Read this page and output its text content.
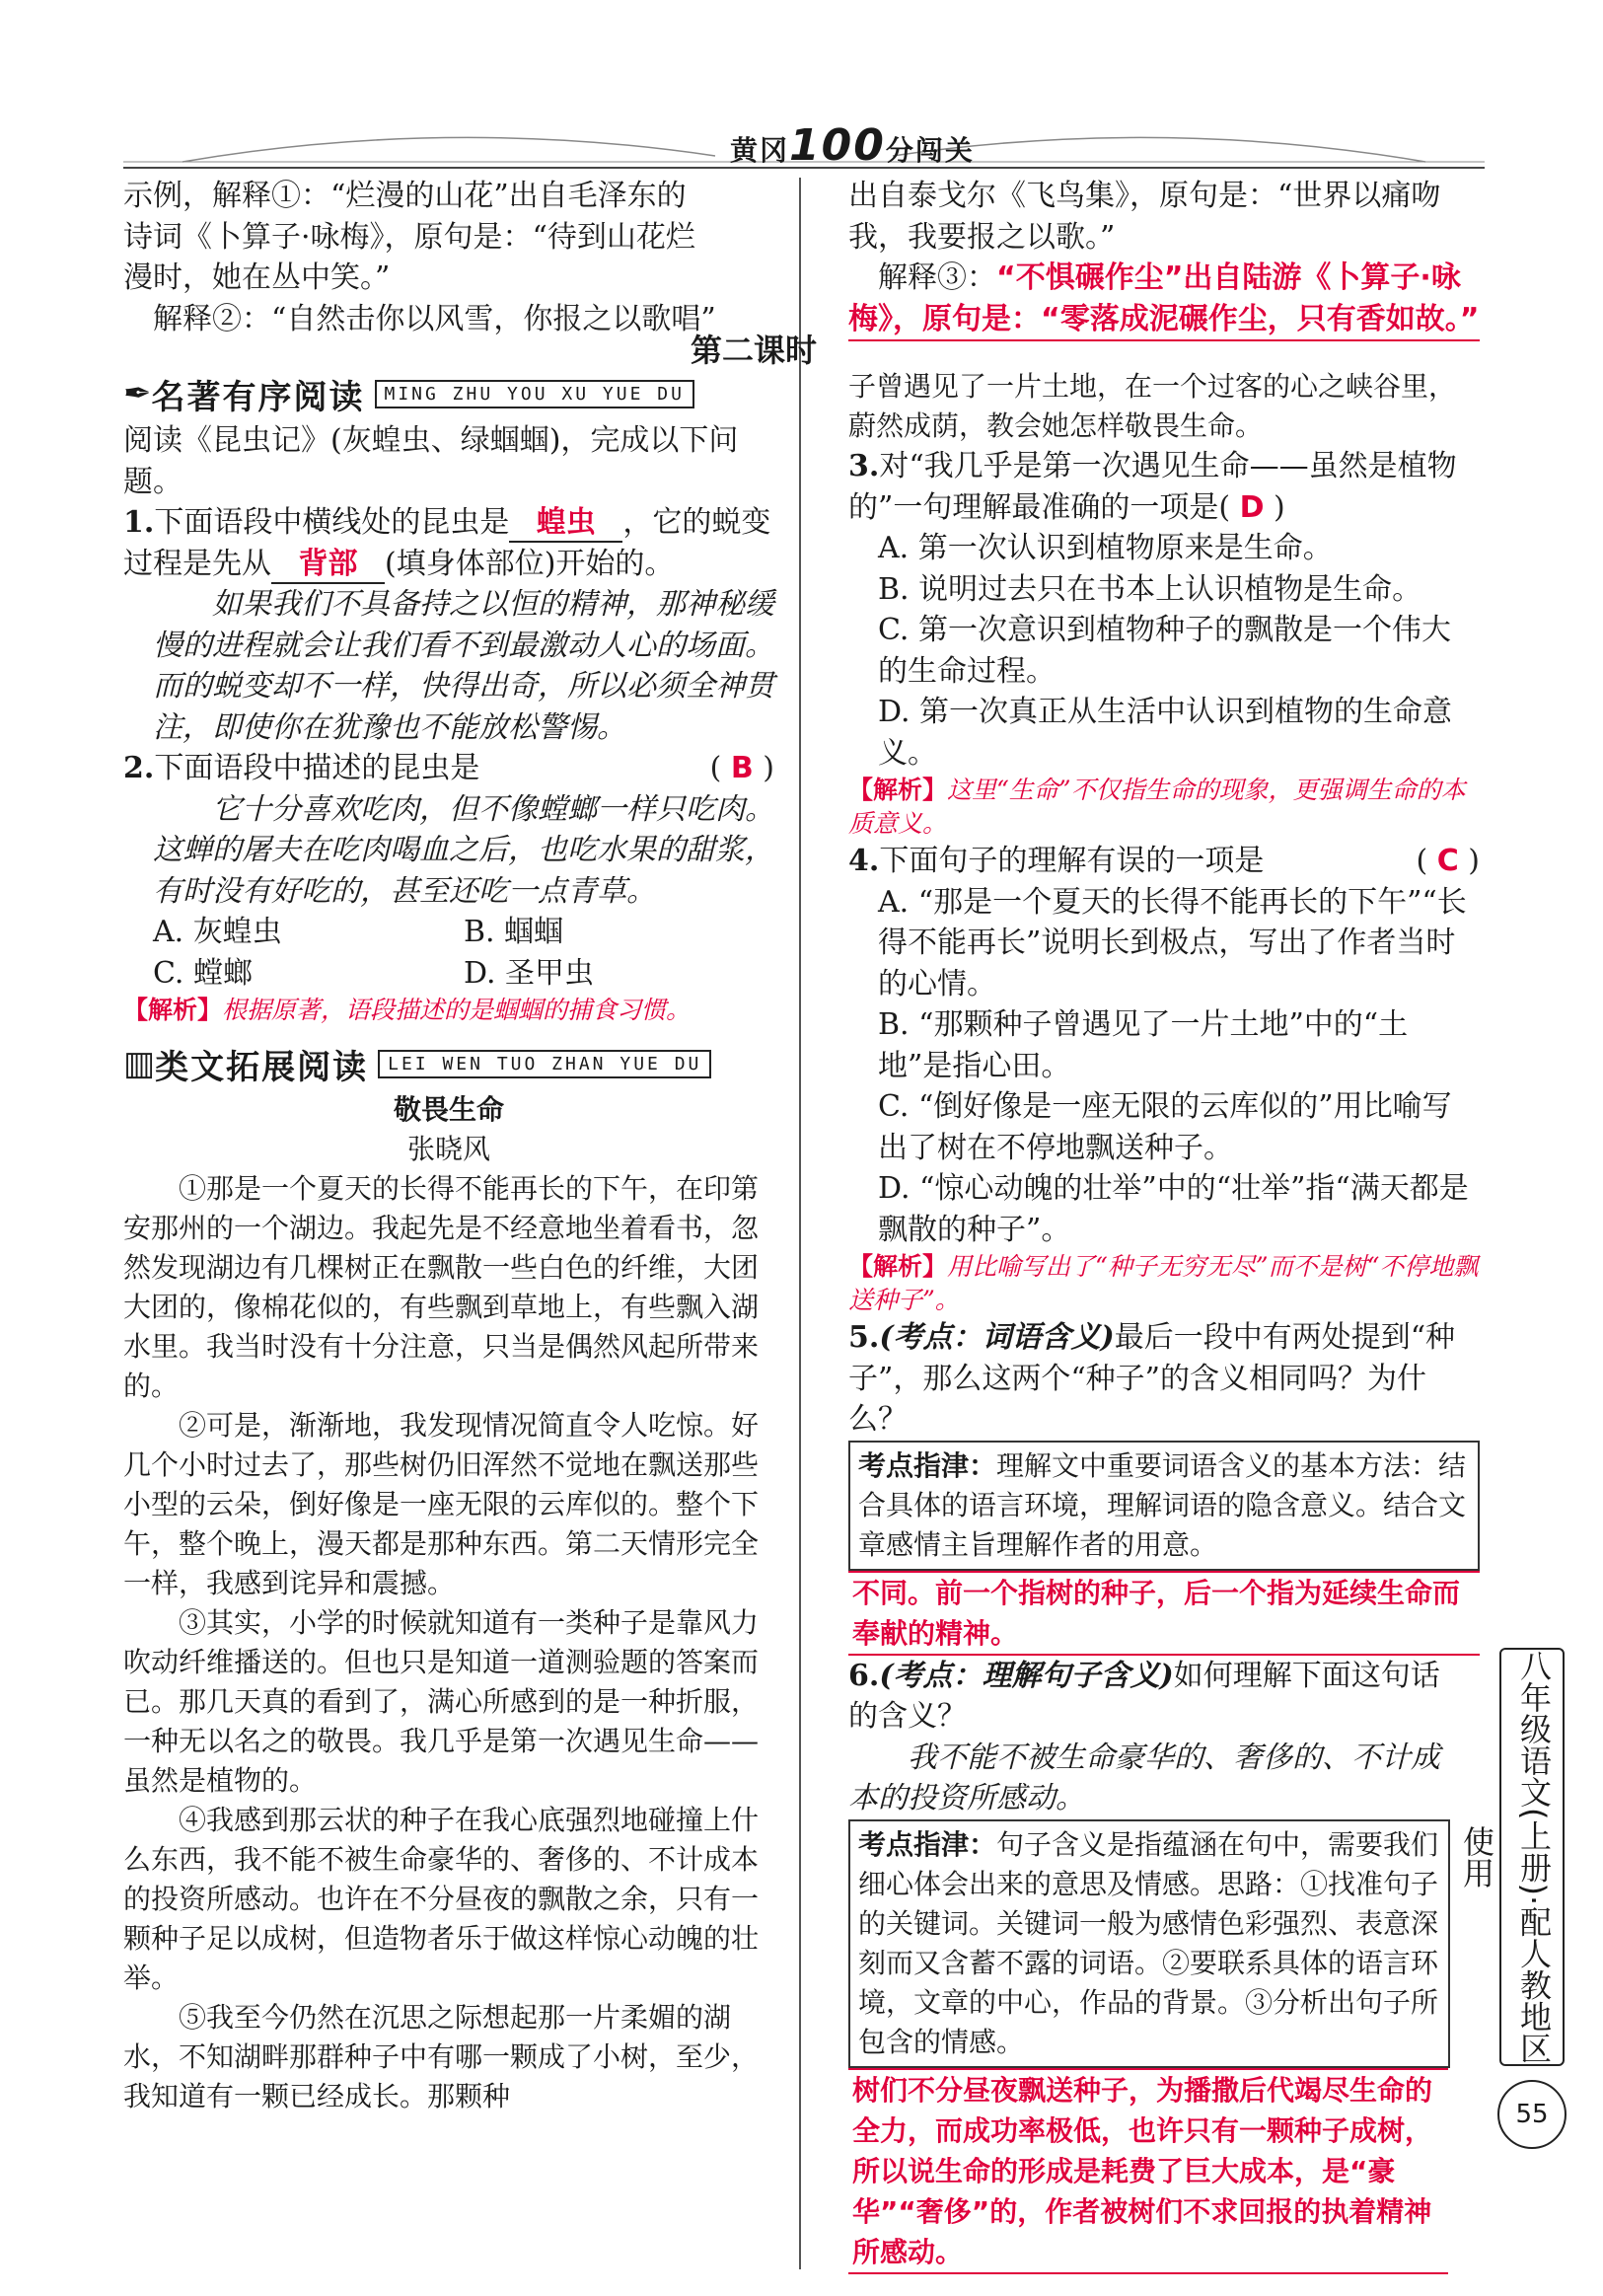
黄冈100分闯关

示例，解释①：“烂漫的山花”出自毛泽东的

诗词《卜算子·咏梅》，原句是：“待到山花烂

漫时，她在丛中笑。”

解释②：“自然击你以风雪，你报之以歌唱”

出自泰戈尔《飞鸟集》，原句是：“世界以痛吻

我，我要报之以歌。”

解释③：“不惧碾作尘”出自陆游《卜算子·咏梅》，原句是：“零落成泥碾作尘，只有香如故。”

第二课时
✒ 名著有序阅读	MING ZHU YOU XU YUE DU

阅读《昆虫记》(灰蝗虫、绿蝈蝈)，完成以下问题。

1.下面语段中横线处的昆虫是 蝗虫 ，它的蜕变过程是先从 背部 (填身体部位)开始的。

如果我们不具备持之以恒的精神，那神秘缓慢的进程就会让我们看不到最激动人心的场面。而的蜕变却不一样，快得出奇，所以必须全神贯注，即使你在犹豫也不能放松警惕。

2.下面语段中描述的昆虫是	( B )

它十分喜欢吃肉，但不像螳螂一样只吃肉。这蝉的屠夫在吃肉喝血之后，也吃水果的甜浆，有时没有好吃的，甚至还吃一点青草。

A. 灰蝗虫	B. 蝈蝈
C. 螳螂	D. 圣甲虫

【解析】根据原著，语段描述的是蝈蝈的捕食习惯。

▥ 类文拓展阅读	LEI WEN TUO ZHAN YUE DU

敬畏生命

张晓风

①那是一个夏天的长得不能再长的下午，在印第安那州的一个湖边。我起先是不经意地坐着看书，忽然发现湖边有几棵树正在飘散一些白色的纤维，大团大团的，像棉花似的，有些飘到草地上，有些飘入湖水里。我当时没有十分注意，只当是偶然风起所带来的。

②可是，渐渐地，我发现情况简直令人吃惊。好几个小时过去了，那些树仍旧浑然不觉地在飘送那些小型的云朵，倒好像是一座无限的云库似的。整个下午，整个晚上，漫天都是那种东西。第二天情形完全一样，我感到诧异和震撼。

③其实，小学的时候就知道有一类种子是靠风力吹动纤维播送的。但也只是知道一道测验题的答案而已。那几天真的看到了，满心所感到的是一种折服，一种无以名之的敬畏。我几乎是第一次遇见生命——虽然是植物的。

④我感到那云状的种子在我心底强烈地碰撞上什么东西，我不能不被生命豪华的、奢侈的、不计成本的投资所感动。也许在不分昼夜的飘散之余，只有一颗种子足以成树，但造物者乐于做这样惊心动魄的壮举。

⑤我至今仍然在沉思之际想起那一片柔媚的湖水，不知湖畔那群种子中有哪一颗成了小树，至少，我知道有一颗已经成长。那颗种

子曾遇见了一片土地，在一个过客的心之峡谷里，蔚然成荫，教会她怎样敬畏生命。

3.对“我几乎是第一次遇见生命——虽然是植物的”一句理解最准确的一项是( D )

A. 第一次认识到植物原来是生命。

B. 说明过去只在书本上认识植物是生命。

C. 第一次意识到植物种子的飘散是一个伟大的生命过程。

D. 第一次真正从生活中认识到植物的生命意义。

【解析】这里“生命”不仅指生命的现象，更强调生命的本质意义。

4.下面句子的理解有误的一项是	( C )

A. “那是一个夏天的长得不能再长的下午”“长得不能再长”说明长到极点，写出了作者当时的心情。

B. “那颗种子曾遇见了一片土地”中的“土地”是指心田。

C. “倒好像是一座无限的云库似的”用比喻写出了树在不停地飘送种子。

D. “惊心动魄的壮举”中的“壮举”指“满天都是飘散的种子”。

【解析】用比喻写出了“种子无穷无尽”而不是树“不停地飘送种子”。

5.(考点：词语含义)最后一段中有两处提到“种子”，那么这两个“种子”的含义相同吗？为什么？

考点指津：理解文中重要词语含义的基本方法：结合具体的语言环境，理解词语的隐含意义。结合文章感情主旨理解作者的用意。

不同。前一个指树的种子，后一个指为延续生命而奉献的精神。

6.(考点：理解句子含义)如何理解下面这句话的含义？

我不能不被生命豪华的、奢侈的、不计成本的投资所感动。

考点指津：句子含义是指蕴涵在句中，需要我们细心体会出来的意思及情感。思路：①找准句子的关键词。关键词一般为感情色彩强烈、表意深刻而又含蓄不露的词语。②要联系具体的语言环境，文章的中心，作品的背景。③分析出句子所包含的情感。

树们不分昼夜飘送种子，为播撒后代竭尽生命的全力，而成功率极低，也许只有一颗种子成树，所以说生命的形成是耗费了巨大成本，是“豪华”“奢侈”的，作者被树们不求回报的执着精神所感动。

八年级语文(上册)·配人教地区使用
55
